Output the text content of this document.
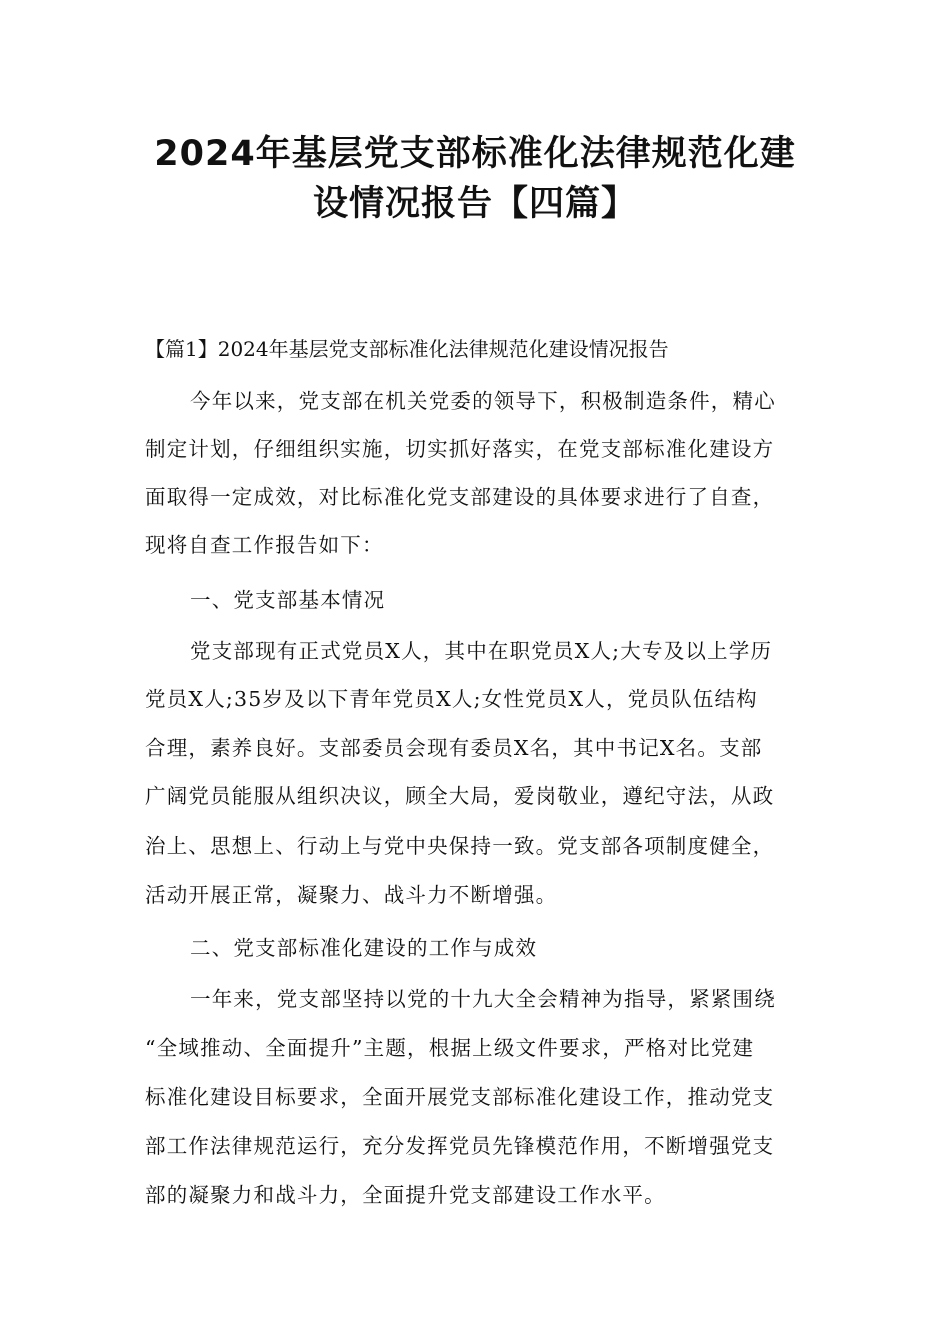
2024年基层党支部标准化法律规范化建
设情况报告【四篇】
【篇1】2024年基层党支部标准化法律规范化建设情况报告
今年以来，党支部在机关党委的领导下，积极制造条件，精心
制定计划，仔细组织实施，切实抓好落实，在党支部标准化建设方
面取得一定成效，对比标准化党支部建设的具体要求进行了自查，
现将自查工作报告如下：
一、党支部基本情况
党支部现有正式党员X人，其中在职党员X人;大专及以上学历
党员X人;35岁及以下青年党员X人;女性党员X人，党员队伍结构
合理，素养良好。支部委员会现有委员X名，其中书记X名。支部
广阔党员能服从组织决议，顾全大局，爱岗敬业，遵纪守法，从政
治上、思想上、行动上与党中央保持一致。党支部各项制度健全，
活动开展正常，凝聚力、战斗力不断增强。
二、党支部标准化建设的工作与成效
一年来，党支部坚持以党的十九大全会精神为指导，紧紧围绕
“全域推动、全面提升”主题，根据上级文件要求，严格对比党建
标准化建设目标要求，全面开展党支部标准化建设工作，推动党支
部工作法律规范运行，充分发挥党员先锋模范作用，不断增强党支
部的凝聚力和战斗力，全面提升党支部建设工作水平。
